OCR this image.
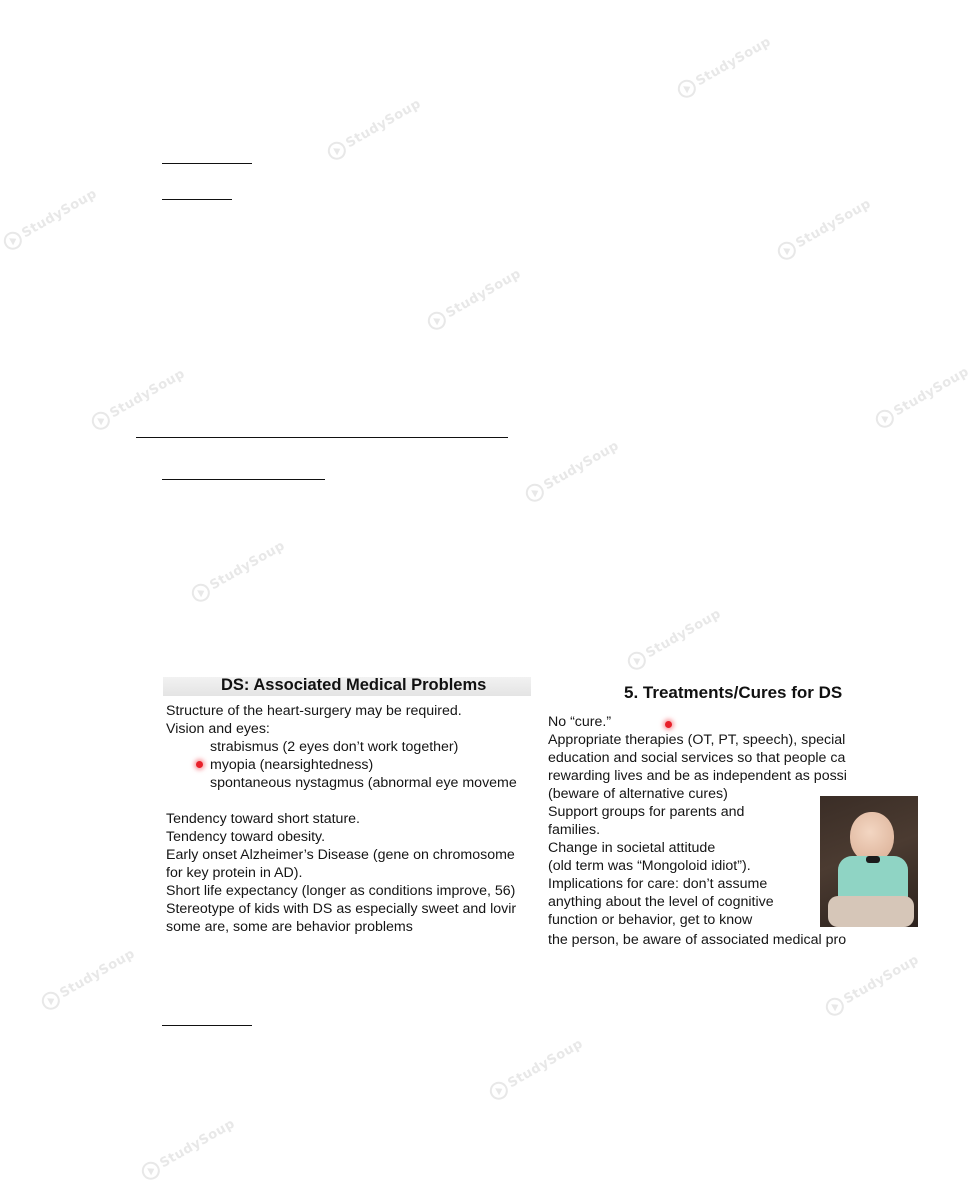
StudySoup
StudySoup
StudySoup	StudySoup
StudySoup
StudySoup	StudySoup
StudySoup
StudySoup
StudySoup
StudySoup	StudySoup
StudySoup
StudySoup
DS: Associated Medical Problems
Structure of the heart-surgery may be required.
Vision and eyes:
strabismus (2 eyes don’t work together)
myopia (nearsightedness)
spontaneous nystagmus (abnormal eye moveme
Tendency toward short stature.
Tendency toward obesity.
Early onset Alzheimer’s Disease (gene on chromosome
for key protein in AD).
Short life expectancy (longer as conditions improve, 56)
Stereotype of kids with DS as especially sweet and lovir
some are, some are behavior problems
5. Treatments/Cures for DS
No “cure.”
Appropriate therapies (OT, PT, speech), special
education and social services so that people ca
rewarding lives and be as independent as possi
(beware of alternative cures)
Support groups for parents and
families.
Change in societal attitude
(old term was “Mongoloid idiot”).
Implications for care: don’t assume
anything about the level of cognitive
function or behavior, get to know
the person, be aware of associated medical pro
